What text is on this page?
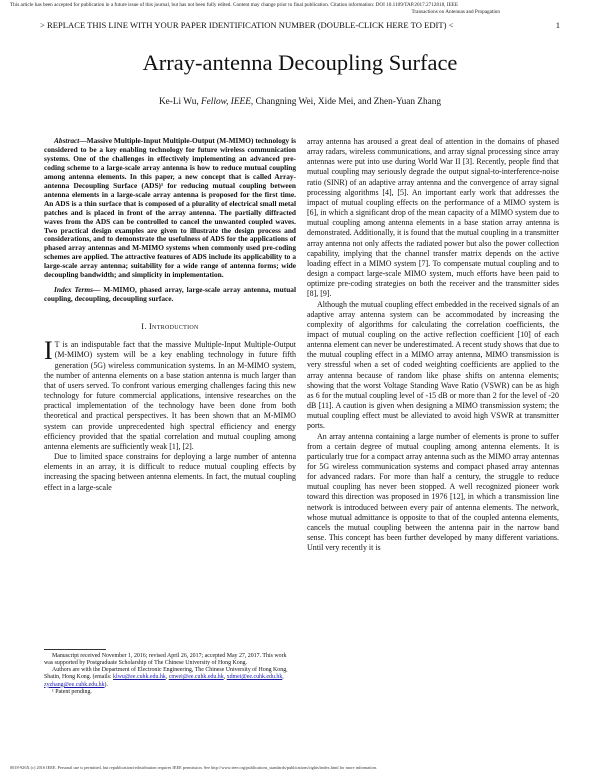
This article has been accepted for publication in a future issue of this journal, but has not been fully edited. Content may change prior to final publication. Citation information: DOI 10.1109/TAP.2017.2712818, IEEE
Transactions on Antennas and Propagation
> REPLACE THIS LINE WITH YOUR PAPER IDENTIFICATION NUMBER (DOUBLE-CLICK HERE TO EDIT) <	1
Array-antenna Decoupling Surface
Ke-Li Wu, Fellow, IEEE, Changning Wei, Xide Mei, and Zhen-Yuan Zhang

Abstract—Massive Multiple-Input Multiple-Output (M-MIMO) technology is considered to be a key enabling technology for future wireless communication systems. One of the challenges in effectively implementing an advanced pre-coding scheme to a large-scale array antenna is how to reduce mutual coupling among antenna elements. In this paper, a new concept that is called Array-antenna Decoupling Surface (ADS)¹ for reducing mutual coupling between antenna elements in a large-scale array antenna is proposed for the first time. An ADS is a thin surface that is composed of a plurality of electrical small metal patches and is placed in front of the array antenna. The partially diffracted waves from the ADS can be controlled to cancel the unwanted coupled waves. Two practical design examples are given to illustrate the design process and considerations, and to demonstrate the usefulness of ADS for the applications of phased array antennas and M-MIMO systems when commonly used pre-coding schemes are applied. The attractive features of ADS include its applicability to a large-scale array antenna; suitability for a wide range of antenna forms; wide decoupling bandwidth; and simplicity in implementation.

Index Terms— M-MIMO, phased array, large-scale array antenna, mutual coupling, decoupling, decoupling surface.

I. Introduction

I T is an indisputable fact that the massive Multiple-Input Multiple-Output (M-MIMO) system will be a key enabling technology in future fifth generation (5G) wireless communication systems. In an M-MIMO system, the number of antenna elements on a base station antenna is much larger than that of users served. To confront various emerging challenges facing this new technology for future commercial applications, intensive researches on the practical implementation of the technology have been done from both theoretical and practical perspectives. It has been shown that an M-MIMO system can provide unprecedented high spectral efficiency and energy efficiency provided that the spatial correlation and mutual coupling among antenna elements are sufficiently weak [1], [2].

Due to limited space constrains for deploying a large number of antenna elements in an array, it is difficult to reduce mutual coupling effects by increasing the spacing between antenna elements. In fact, the mutual coupling effect in a large-scale

array antenna has aroused a great deal of attention in the domains of phased array radars, wireless communications, and array signal processing since array antennas were put into use during World War II [3]. Recently, people find that mutual coupling may seriously degrade the output signal-to-interference-noise ratio (SINR) of an adaptive array antenna and the convergence of array signal processing algorithms [4], [5]. An important early work that addresses the impact of mutual coupling effects on the performance of a MIMO system is [6], in which a significant drop of the mean capacity of a MIMO system due to mutual coupling among antenna elements in a base station array antenna is demonstrated. Additionally, it is found that the mutual coupling in a transmitter array antenna not only affects the radiated power but also the power collection capability, implying that the channel transfer matrix depends on the active loading effect in a MIMO system [7]. To compensate mutual coupling and to design a compact large-scale MIMO system, much efforts have been paid to optimize pre-coding strategies on both the receiver and the transmitter sides [8], [9].

Although the mutual coupling effect embedded in the received signals of an adaptive array antenna system can be accommodated by increasing the complexity of algorithms for calculating the correlation coefficients, the impact of mutual coupling on the active reflection coefficient [10] of each antenna element can never be underestimated. A recent study shows that due to the mutual coupling effect in a MIMO array antenna, MIMO transmission is very stressful when a set of coded weighting coefficients are applied to the array antenna because of random like phase shifts on antenna elements; showing that the worst Voltage Standing Wave Ratio (VSWR) can be as high as 6 for the mutual coupling level of -15 dB or more than 2 for the level of -20 dB [11]. A caution is given when designing a MIMO transmission system; the mutual coupling effect must be alleviated to avoid high VSWR at transmitter ports.

An array antenna containing a large number of elements is prone to suffer from a certain degree of mutual coupling among antenna elements. It is particularly true for a compact array antenna such as the MIMO array antennas for 5G wireless communication systems and compact phased array antennas for advanced radars. For more than half a century, the struggle to reduce mutual coupling has never been stopped. A well recognized pioneer work toward this direction was proposed in 1976 [12], in which a transmission line network is introduced between every pair of antenna elements. The network, whose mutual admittance is opposite to that of the coupled antenna elements, cancels the mutual coupling between the antenna pair in the narrow band sense. This concept has been further developed by many different variations. Until very recently it is

Manuscript received November 1, 2016; revised April 26, 2017; accepted May 27, 2017. This work was supported by Postgraduate Scholarship of The Chinese University of Hong Kong.

Authors are with the Department of Electronic Engineering, The Chinese University of Hong Kong, Shatin, Hong Kong. (emails: klwu@ee.cuhk.edu.hk, cnwei@ee.cuhk.edu.hk, xdmei@ee.cuhk.edu.hk, zyzhang@ee.cuhk.edu.hk).

¹ Patent pending.

0018-926X (c) 2016 IEEE. Personal use is permitted, but republication/redistribution requires IEEE permission. See http://www.ieee.org/publications_standards/publications/rights/index.html for more information.
